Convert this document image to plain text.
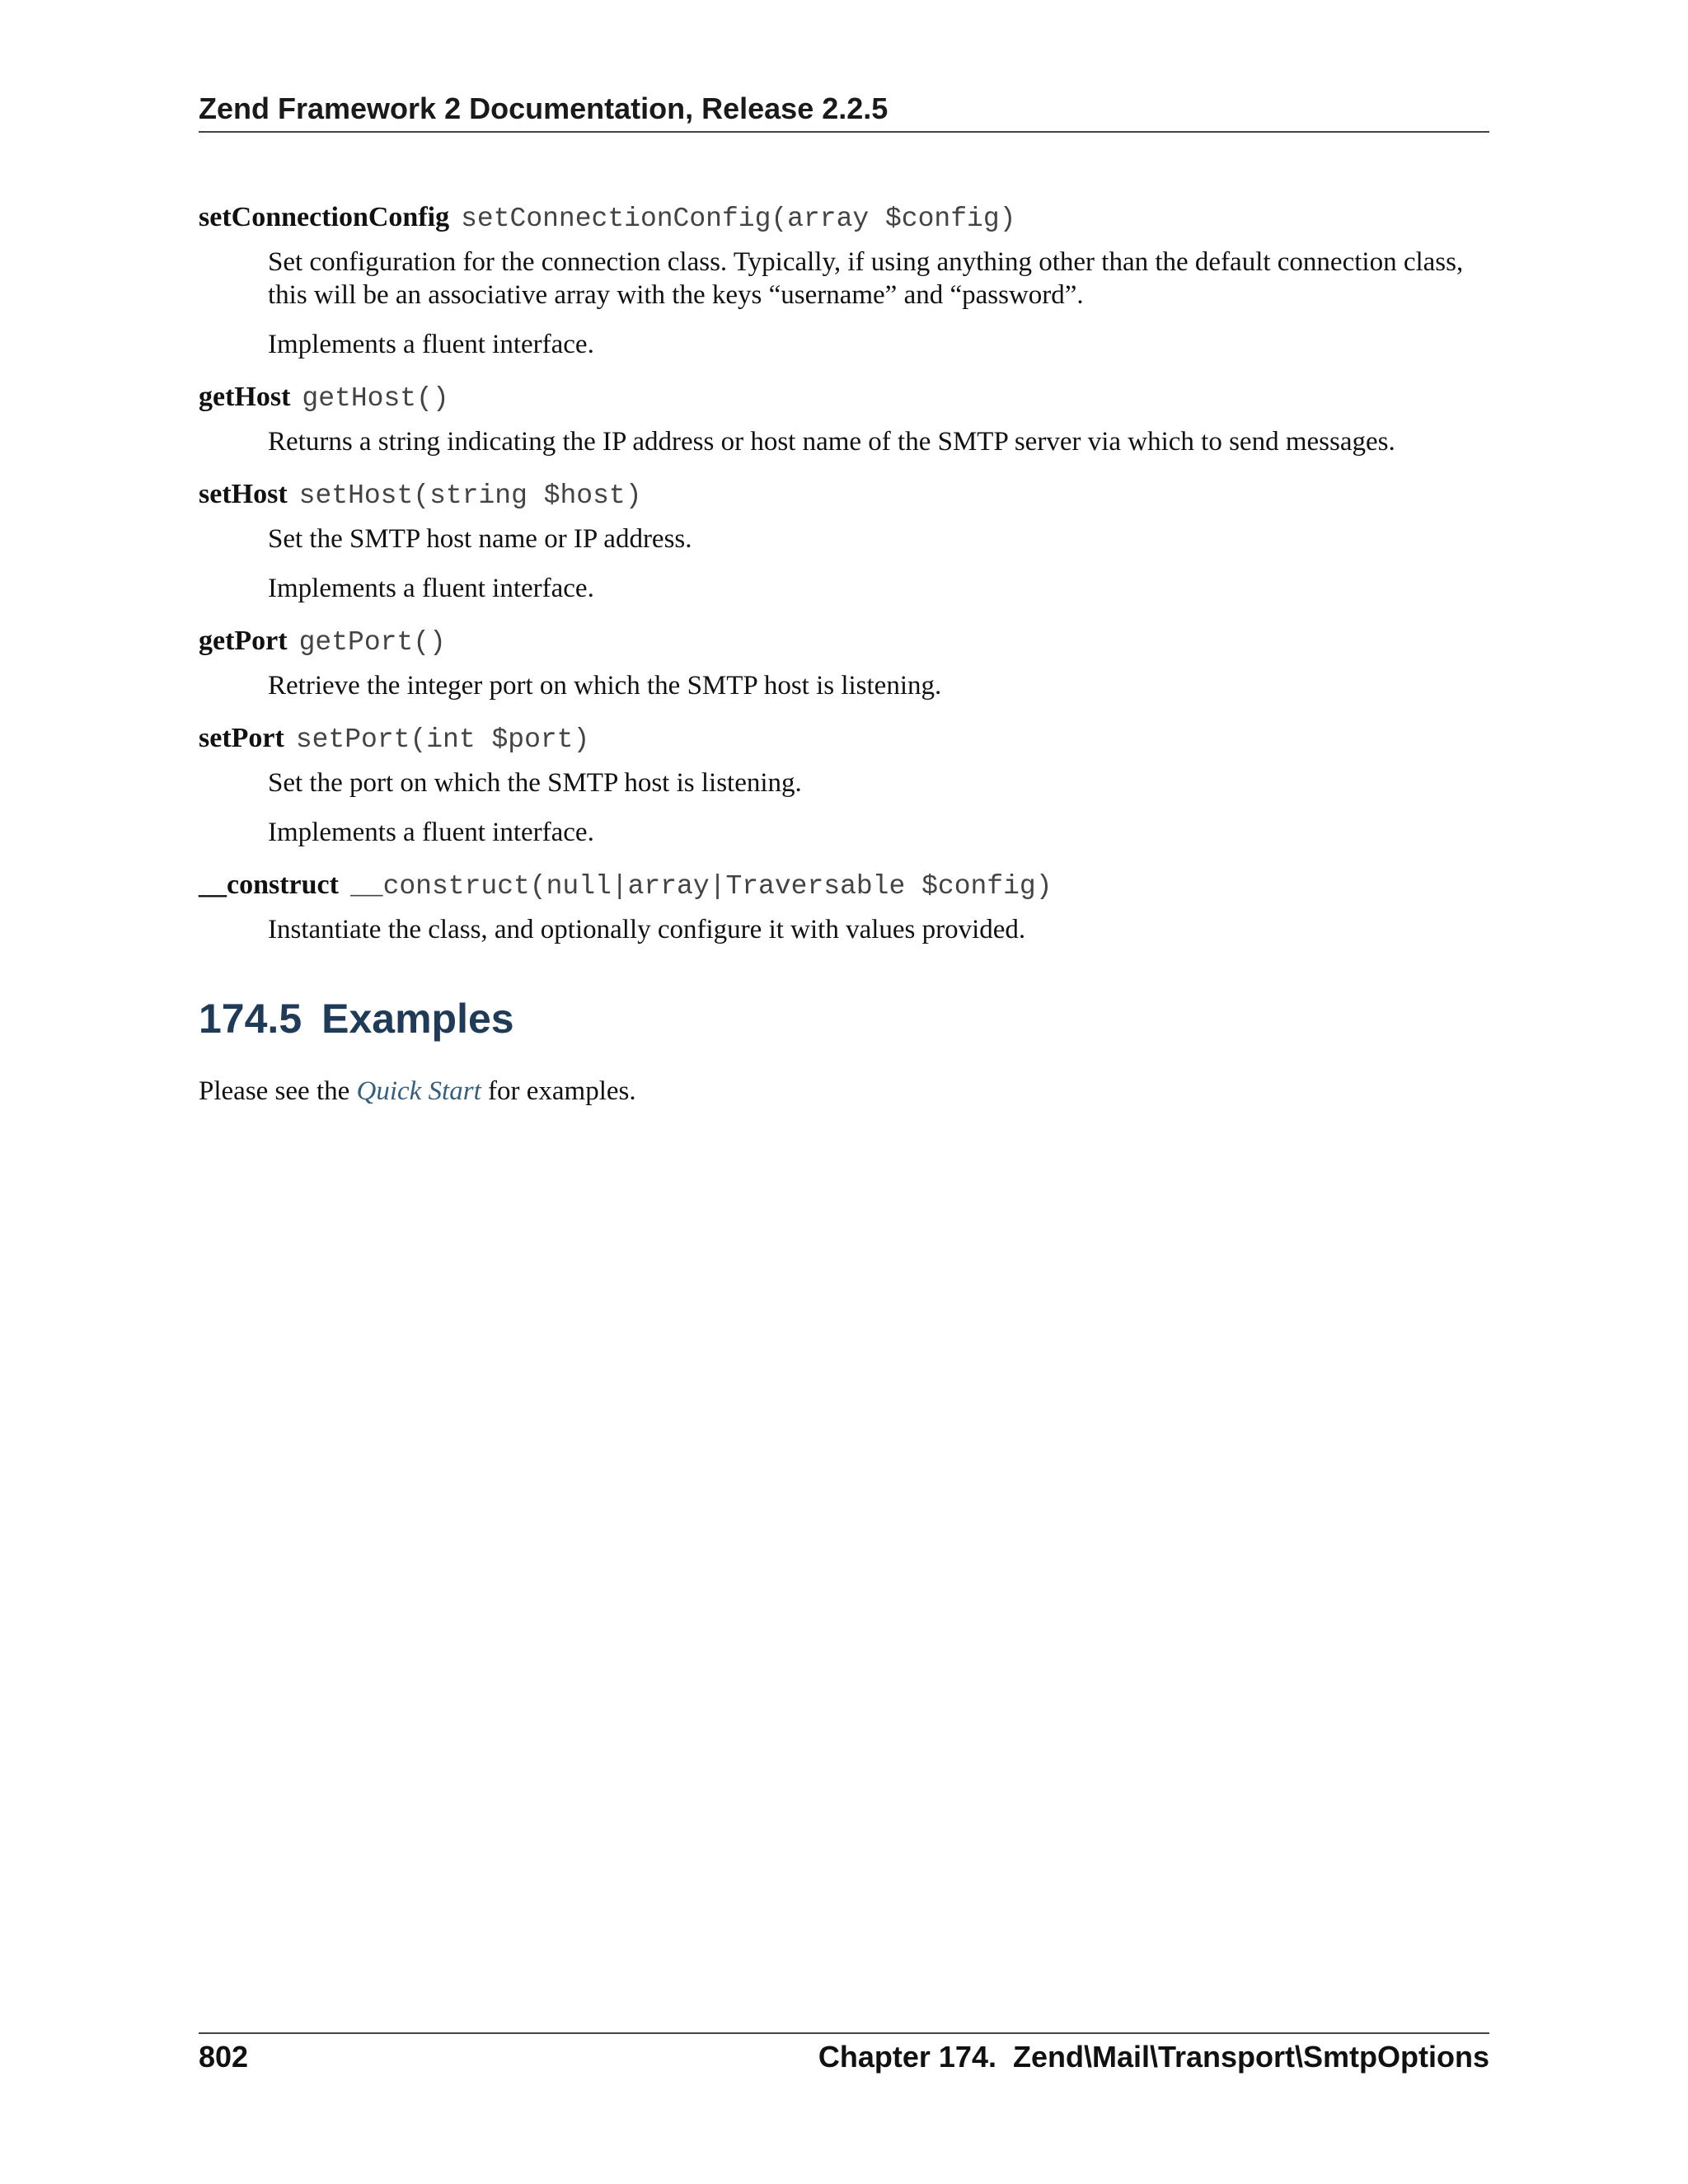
Zend Framework 2 Documentation, Release 2.2.5
setConnectionConfig setConnectionConfig(array $config)

Set configuration for the connection class. Typically, if using anything other than the default connection class, this will be an associative array with the keys “username” and “password”.

Implements a fluent interface.

getHost getHost()

Returns a string indicating the IP address or host name of the SMTP server via which to send messages.

setHost setHost(string $host)

Set the SMTP host name or IP address.

Implements a fluent interface.

getPort getPort()

Retrieve the integer port on which the SMTP host is listening.

setPort setPort(int $port)

Set the port on which the SMTP host is listening.

Implements a fluent interface.

__construct __construct(null|array|Traversable $config)

Instantiate the class, and optionally configure it with values provided.

174.5 Examples

Please see the Quick Start for examples.

802	Chapter 174.  Zend\Mail\Transport\SmtpOptions
